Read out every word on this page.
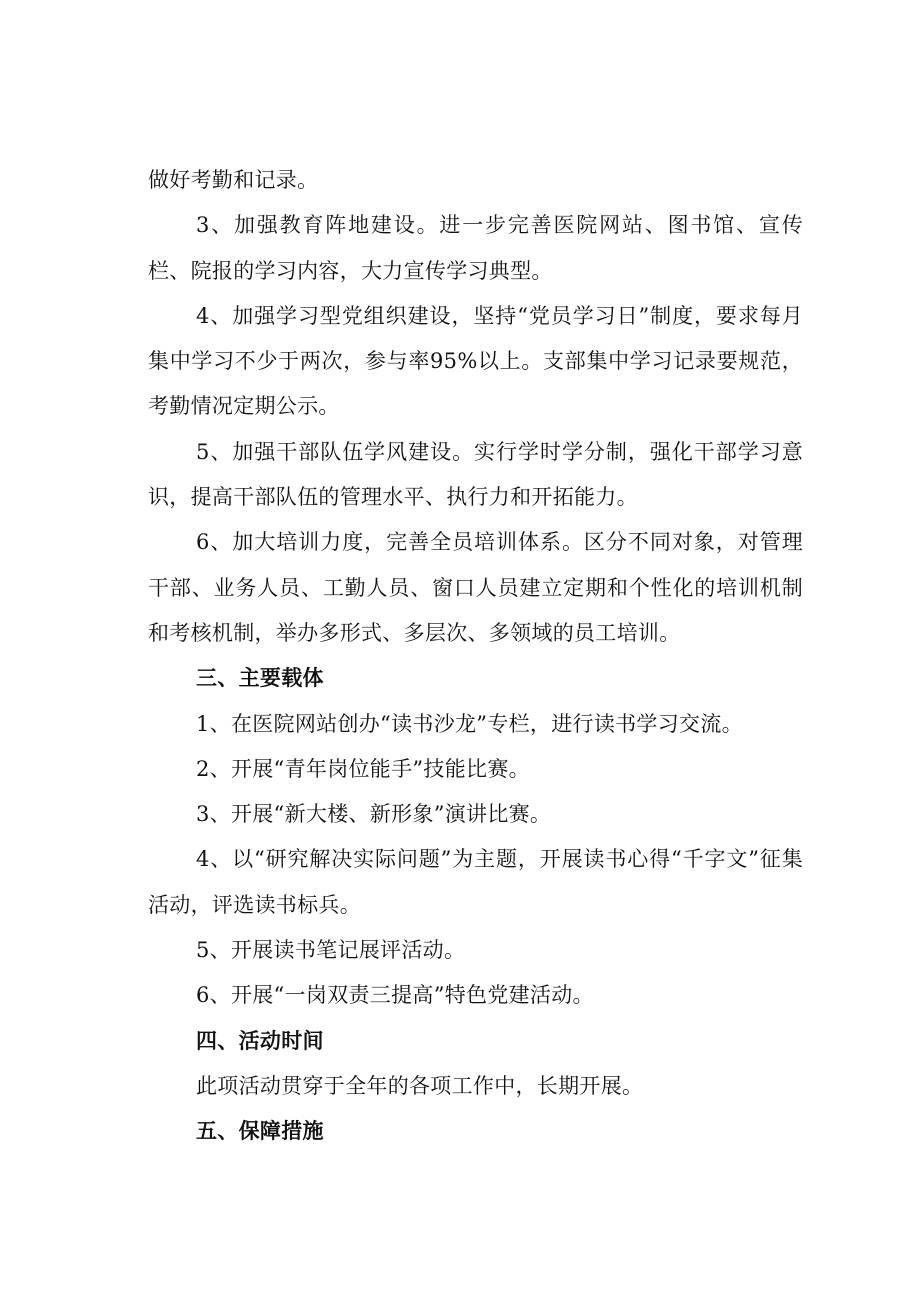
做好考勤和记录。

3、加强教育阵地建设。进一步完善医院网站、图书馆、宣传栏、院报的学习内容，大力宣传学习典型。

4、加强学习型党组织建设，坚持“党员学习日”制度，要求每月集中学习不少于两次，参与率95%以上。支部集中学习记录要规范，考勤情况定期公示。

5、加强干部队伍学风建设。实行学时学分制，强化干部学习意识，提高干部队伍的管理水平、执行力和开拓能力。

6、加大培训力度，完善全员培训体系。区分不同对象，对管理干部、业务人员、工勤人员、窗口人员建立定期和个性化的培训机制和考核机制，举办多形式、多层次、多领域的员工培训。

三、主要载体

1、在医院网站创办“读书沙龙”专栏，进行读书学习交流。

2、开展“青年岗位能手”技能比赛。

3、开展“新大楼、新形象”演讲比赛。

4、以“研究解决实际问题”为主题，开展读书心得“千字文”征集活动，评选读书标兵。

5、开展读书笔记展评活动。

6、开展“一岗双责三提高”特色党建活动。

四、活动时间

此项活动贯穿于全年的各项工作中，长期开展。

五、保障措施
